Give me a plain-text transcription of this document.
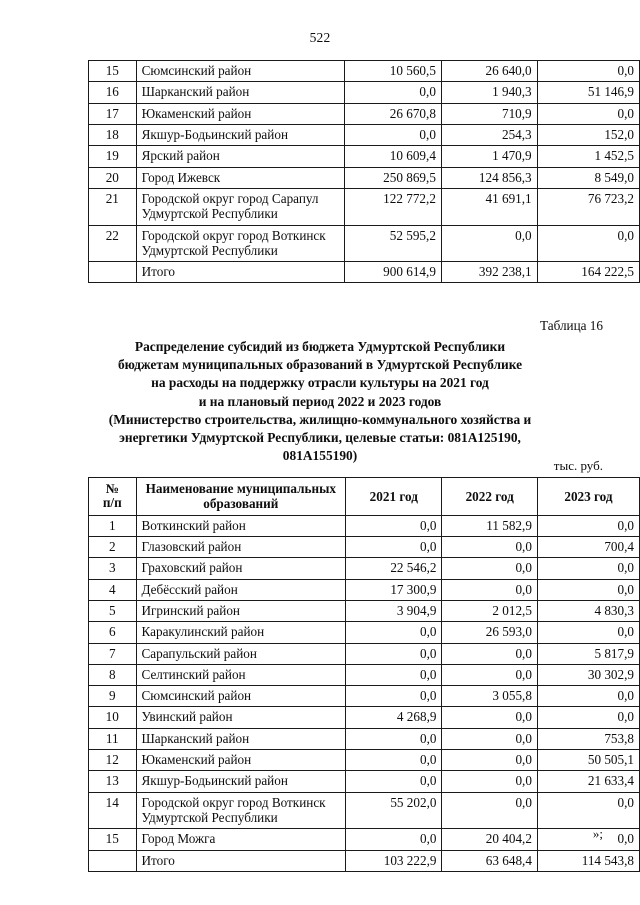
522
15	Сюмсинский район	10 560,5	26 640,0	0,0
16	Шарканский район	0,0	1 940,3	51 146,9
17	Юкаменский район	26 670,8	710,9	0,0
18	Якшур-Бодьинский район	0,0	254,3	152,0
19	Ярский район	10 609,4	1 470,9	1 452,5
20	Город Ижевск	250 869,5	124 856,3	8 549,0
21	Городской округ город Сарапул Удмуртской Республики	122 772,2	41 691,1	76 723,2
22	Городской округ город Воткинск Удмуртской Республики	52 595,2	0,0	0,0
	Итого	900 614,9	392 238,1	164 222,5
Таблица 16
Распределение субсидий из бюджета Удмуртской Республики
бюджетам муниципальных образований в Удмуртской Республике
на расходы на поддержку отрасли культуры на 2021 год
и на плановый период 2022 и 2023 годов
(Министерство строительства, жилищно-коммунального хозяйства и
энергетики Удмуртской Республики, целевые статьи: 081А125190,
081А155190)
тыс. руб.
№
п/п	Наименование муниципальных образований	2021 год	2022 год	2023 год
1	Воткинский район	0,0	11 582,9	0,0
2	Глазовский район	0,0	0,0	700,4
3	Граховский район	22 546,2	0,0	0,0
4	Дебёсский район	17 300,9	0,0	0,0
5	Игринский район	3 904,9	2 012,5	4 830,3
6	Каракулинский район	0,0	26 593,0	0,0
7	Сарапульский район	0,0	0,0	5 817,9
8	Селтинский район	0,0	0,0	30 302,9
9	Сюмсинский район	0,0	3 055,8	0,0
10	Увинский район	4 268,9	0,0	0,0
11	Шарканский район	0,0	0,0	753,8
12	Юкаменский район	0,0	0,0	50 505,1
13	Якшур-Бодьинский район	0,0	0,0	21 633,4
14	Городской округ город Воткинск Удмуртской Республики	55 202,0	0,0	0,0
15	Город Можга	0,0	20 404,2	0,0
	Итого	103 222,9	63 648,4	114 543,8
»;
